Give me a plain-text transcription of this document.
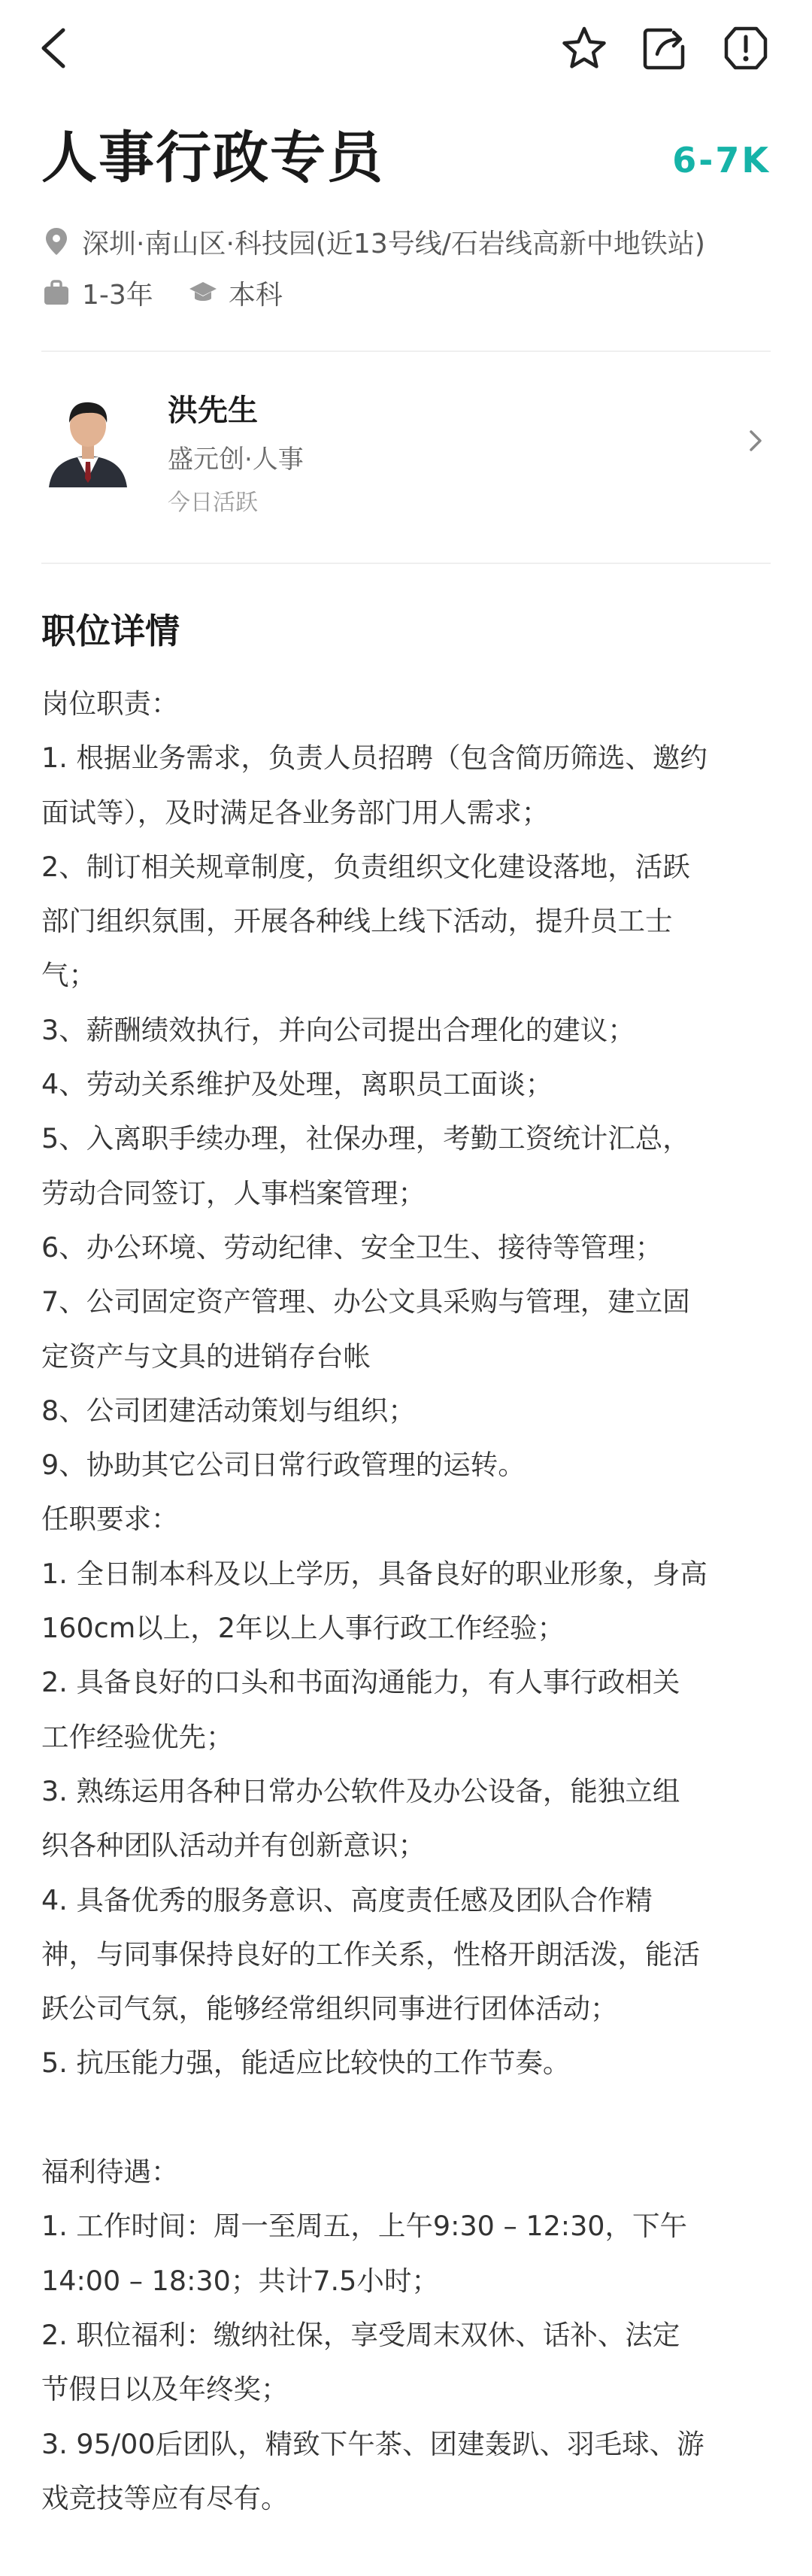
人事行政专员	6-7K
深圳·南山区·科技园(近13号线/石岩线高新中地铁站)
1-3年	本科
洪先生
盛元创·人事
今日活跃
职位详情
岗位职责：
1. 根据业务需求，负责人员招聘（包含简历筛选、邀约
面试等），及时满足各业务部门用人需求；
2、制订相关规章制度，负责组织文化建设落地，活跃
部门组织氛围，开展各种线上线下活动，提升员工士
气；
3、薪酬绩效执行，并向公司提出合理化的建议；
4、劳动关系维护及处理，离职员工面谈；
5、入离职手续办理，社保办理，考勤工资统计汇总，
劳动合同签订，人事档案管理；
6、办公环境、劳动纪律、安全卫生、接待等管理；
7、公司固定资产管理、办公文具采购与管理，建立固
定资产与文具的进销存台帐
8、公司团建活动策划与组织；
9、协助其它公司日常行政管理的运转。
任职要求：
1. 全日制本科及以上学历，具备良好的职业形象，身高
160cm以上，2年以上人事行政工作经验；
2. 具备良好的口头和书面沟通能力，有人事行政相关
工作经验优先；
3. 熟练运用各种日常办公软件及办公设备，能独立组
织各种团队活动并有创新意识；
4. 具备优秀的服务意识、高度责任感及团队合作精
神，与同事保持良好的工作关系，性格开朗活泼，能活
跃公司气氛，能够经常组织同事进行团体活动；
5. 抗压能力强，能适应比较快的工作节奏。
福利待遇：
1. 工作时间：周一至周五，上午9:30 – 12:30，下午
14:00 – 18:30；共计7.5小时；
2. 职位福利：缴纳社保，享受周末双休、话补、法定
节假日以及年终奖；
3. 95/00后团队，精致下午茶、团建轰趴、羽毛球、游
戏竞技等应有尽有。
